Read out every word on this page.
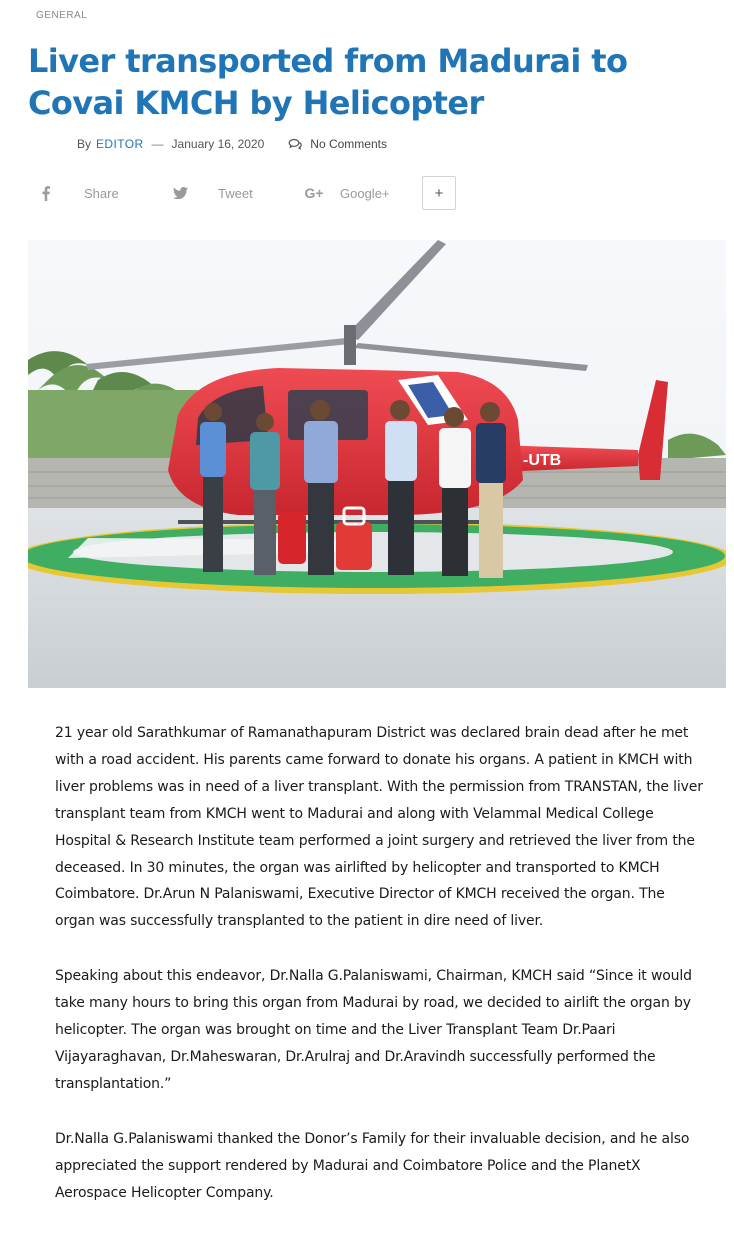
GENERAL
Liver transported from Madurai to Covai KMCH by Helicopter
By EDITOR — January 16, 2020	No Comments
Share	Tweet	G+	Google+	+
-UTB

21 year old Sarathkumar of Ramanathapuram District was declared brain dead after he met with a road accident. His parents came forward to donate his organs. A patient in KMCH with liver problems was in need of a liver transplant. With the permission from TRANSTAN, the liver transplant team from KMCH went to Madurai and along with Velammal Medical College Hospital & Research Institute team performed a joint surgery and retrieved the liver from the deceased. In 30 minutes, the organ was airlifted by helicopter and transported to KMCH Coimbatore. Dr.Arun N Palaniswami, Executive Director of KMCH received the organ. The organ was successfully transplanted to the patient in dire need of liver.

Speaking about this endeavor, Dr.Nalla G.Palaniswami, Chairman, KMCH said “Since it would take many hours to bring this organ from Madurai by road, we decided to airlift the organ by helicopter. The organ was brought on time and the Liver Transplant Team Dr.Paari Vijayaraghavan, Dr.Maheswaran, Dr.Arulraj and Dr.Aravindh successfully performed the transplantation.”

Dr.Nalla G.Palaniswami thanked the Donor’s Family for their invaluable decision, and he also appreciated the support rendered by Madurai and Coimbatore Police and the PlanetX Aerospace Helicopter Company.
